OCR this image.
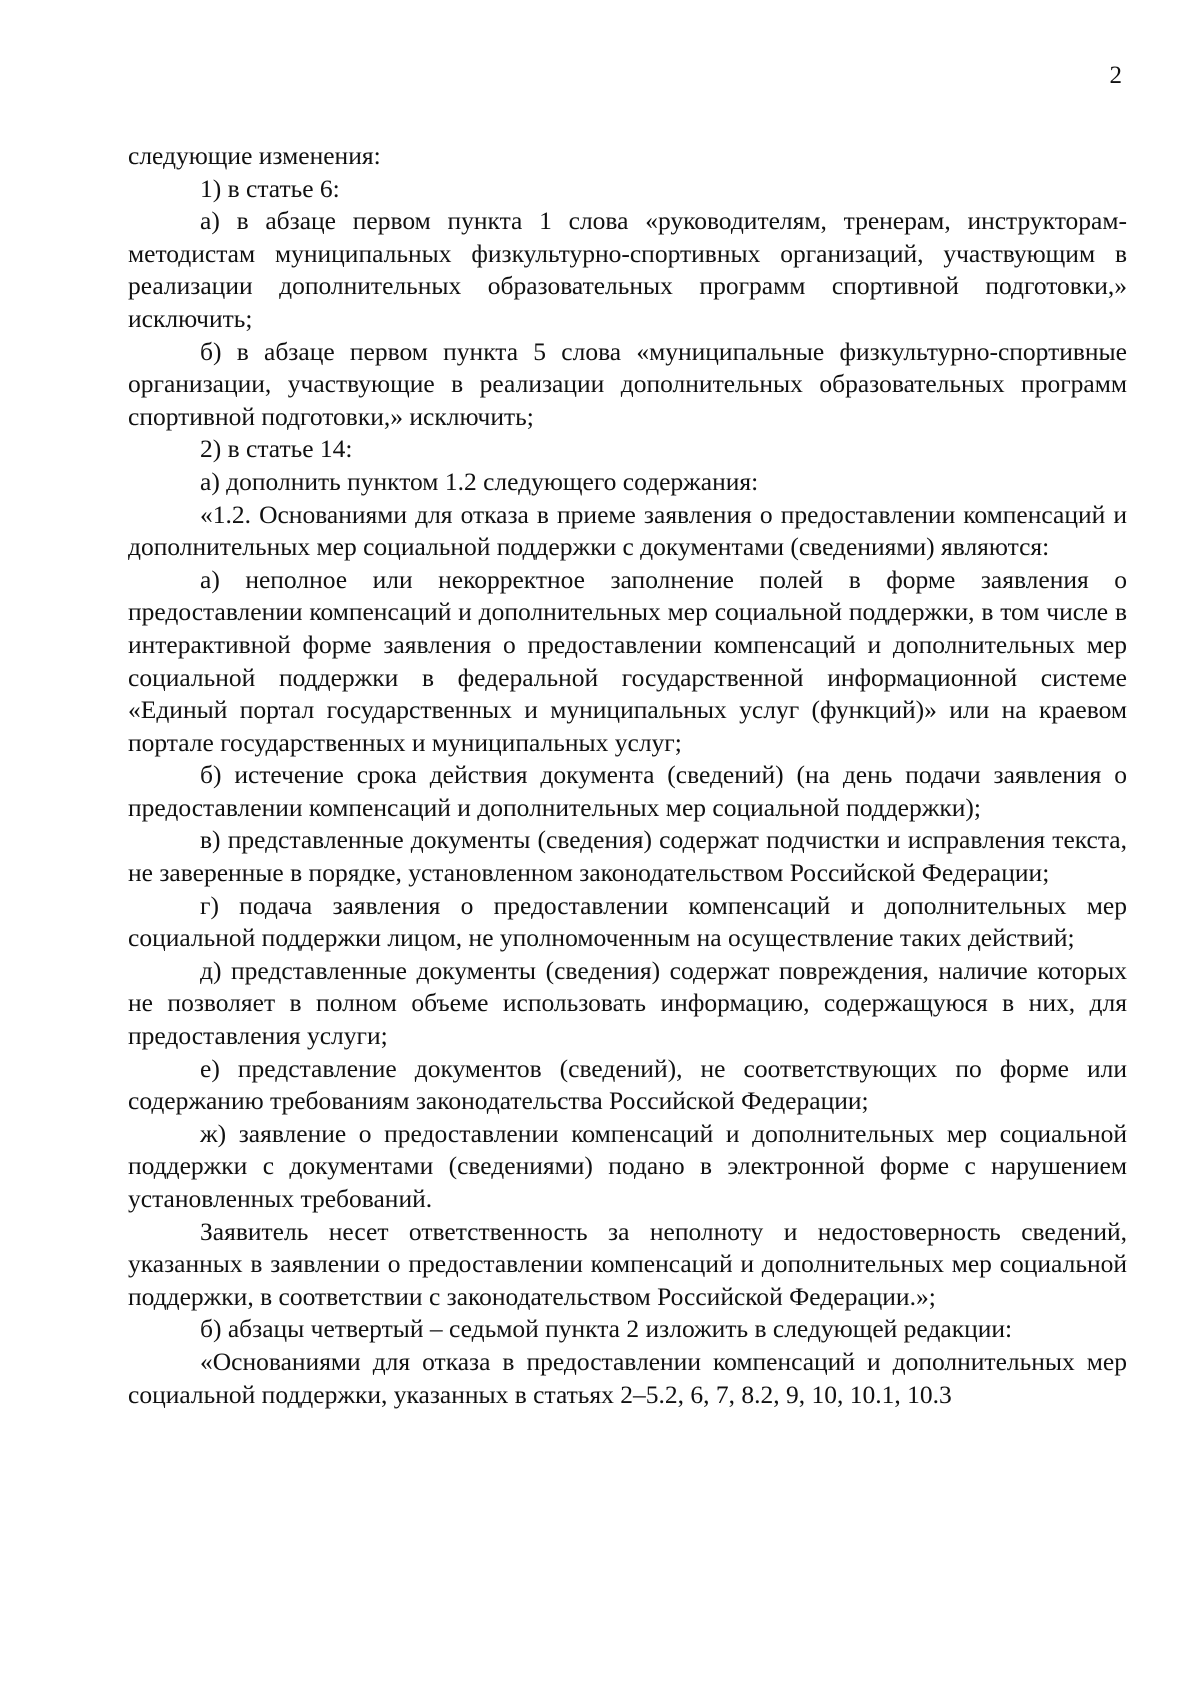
2

следующие изменения:

1) в статье 6:

а) в абзаце первом пункта 1 слова «руководителям, тренерам, инструкторам-методистам муниципальных физкультурно-спортивных организаций, участвующим в реализации дополнительных образовательных программ спортивной подготовки,» исключить;

б) в абзаце первом пункта 5 слова «муниципальные физкультурно-спортивные организации, участвующие в реализации дополнительных образовательных программ спортивной подготовки,» исключить;

2) в статье 14:

а) дополнить пунктом 1.2 следующего содержания:

«1.2. Основаниями для отказа в приеме заявления о предоставлении компенсаций и дополнительных мер социальной поддержки с документами (сведениями) являются:

а) неполное или некорректное заполнение полей в форме заявления о предоставлении компенсаций и дополнительных мер социальной поддержки, в том числе в интерактивной форме заявления о предоставлении компенсаций и дополнительных мер социальной поддержки в федеральной государственной информационной системе «Единый портал государственных и муниципальных услуг (функций)» или на краевом портале государственных и муниципальных услуг;

б) истечение срока действия документа (сведений) (на день подачи заявления о предоставлении компенсаций и дополнительных мер социальной поддержки);

в) представленные документы (сведения) содержат подчистки и исправления текста, не заверенные в порядке, установленном законодательством Российской Федерации;

г) подача заявления о предоставлении компенсаций и дополнительных мер социальной поддержки лицом, не уполномоченным на осуществление таких действий;

д) представленные документы (сведения) содержат повреждения, наличие которых не позволяет в полном объеме использовать информацию, содержащуюся в них, для предоставления услуги;

е) представление документов (сведений), не соответствующих по форме или содержанию требованиям законодательства Российской Федерации;

ж) заявление о предоставлении компенсаций и дополнительных мер социальной поддержки с документами (сведениями) подано в электронной форме с нарушением установленных требований.

Заявитель несет ответственность за неполноту и недостоверность сведений, указанных в заявлении о предоставлении компенсаций и дополнительных мер социальной поддержки, в соответствии с законодательством Российской Федерации.»;

б) абзацы четвертый – седьмой пункта 2 изложить в следующей редакции:

«Основаниями для отказа в предоставлении компенсаций и дополнительных мер социальной поддержки, указанных в статьях 2–5.2, 6, 7, 8.2, 9, 10, 10.1, 10.3
